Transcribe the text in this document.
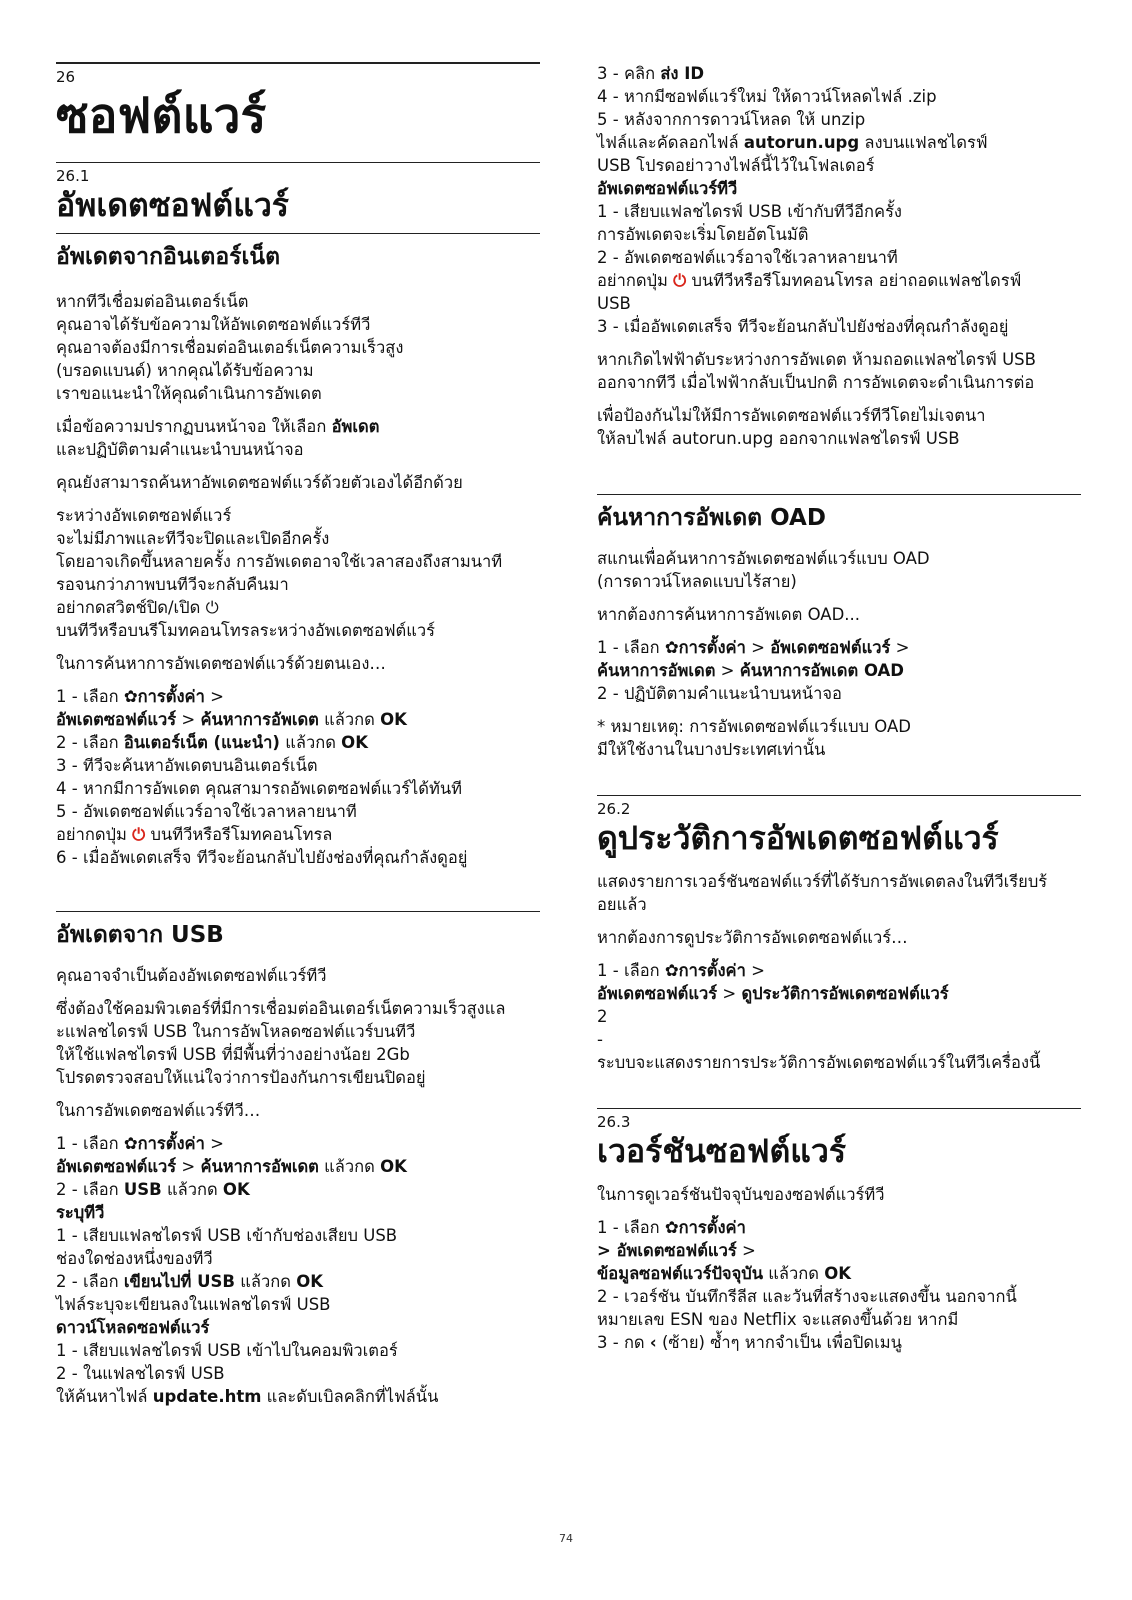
26
ซอฟต์แวร์
26.1
อัพเดตซอฟต์แวร์
อัพเดตจากอินเตอร์เน็ต

หากทีวีเชื่อมต่ออินเตอร์เน็ต

คุณอาจได้รับข้อความให้อัพเดตซอฟต์แวร์ทีวี

คุณอาจต้องมีการเชื่อมต่ออินเตอร์เน็ตความเร็วสูง

(บรอดแบนด์) หากคุณได้รับข้อความ

เราขอแนะนำให้คุณดำเนินการอัพเดต

เมื่อข้อความปรากฏบนหน้าจอ ให้เลือก อัพเดต

และปฏิบัติตามคำแนะนำบนหน้าจอ

คุณยังสามารถค้นหาอัพเดตซอฟต์แวร์ด้วยตัวเองได้อีกด้วย

ระหว่างอัพเดตซอฟต์แวร์

จะไม่มีภาพและทีวีจะปิดและเปิดอีกครั้ง

โดยอาจเกิดขึ้นหลายครั้ง การอัพเดตอาจใช้เวลาสองถึงสามนาที

รอจนกว่าภาพบนทีวีจะกลับคืนมา

อย่ากดสวิตช์ปิด/เปิด ⏻

บนทีวีหรือบนรีโมทคอนโทรลระหว่างอัพเดตซอฟต์แวร์

ในการค้นหาการอัพเดตซอฟต์แวร์ด้วยตนเอง…

1 - เลือก ✿การตั้งค่า >

อัพเดตซอฟต์แวร์ > ค้นหาการอัพเดต แล้วกด OK

2 - เลือก อินเตอร์เน็ต (แนะนำ) แล้วกด OK

3 - ทีวีจะค้นหาอัพเดตบนอินเตอร์เน็ต

4 - หากมีการอัพเดต คุณสามารถอัพเดตซอฟต์แวร์ได้ทันที

5 - อัพเดตซอฟต์แวร์อาจใช้เวลาหลายนาที

อย่ากดปุ่ม ⏻ บนทีวีหรือรีโมทคอนโทรล

6 - เมื่ออัพเดตเสร็จ ทีวีจะย้อนกลับไปยังช่องที่คุณกำลังดูอยู่

อัพเดตจาก USB

คุณอาจจำเป็นต้องอัพเดตซอฟต์แวร์ทีวี

ซึ่งต้องใช้คอมพิวเตอร์ที่มีการเชื่อมต่ออินเตอร์เน็ตความเร็วสูงแล

ะแฟลชไดรฟ์ USB ในการอัพโหลดซอฟต์แวร์บนทีวี

ให้ใช้แฟลชไดรฟ์ USB ที่มีพื้นที่ว่างอย่างน้อย 2Gb

โปรดตรวจสอบให้แน่ใจว่าการป้องกันการเขียนปิดอยู่

ในการอัพเดตซอฟต์แวร์ทีวี…

1 - เลือก ✿การตั้งค่า >

อัพเดตซอฟต์แวร์ > ค้นหาการอัพเดต แล้วกด OK

2 - เลือก USB แล้วกด OK

ระบุทีวี

1 - เสียบแฟลชไดรฟ์ USB เข้ากับช่องเสียบ USB

ช่องใดช่องหนึ่งของทีวี

2 - เลือก เขียนไปที่ USB แล้วกด OK

ไฟล์ระบุจะเขียนลงในแฟลชไดรฟ์ USB

ดาวน์โหลดซอฟต์แวร์

1 - เสียบแฟลชไดรฟ์ USB เข้าไปในคอมพิวเตอร์

2 - ในแฟลชไดรฟ์ USB

ให้ค้นหาไฟล์ update.htm และดับเบิลคลิกที่ไฟล์นั้น

3 - คลิก ส่ง ID

4 - หากมีซอฟต์แวร์ใหม่ ให้ดาวน์โหลดไฟล์ .zip

5 - หลังจากการดาวน์โหลด ให้ unzip

ไฟล์และคัดลอกไฟล์ autorun.upg ลงบนแฟลชไดรฟ์

USB โปรดอย่าวางไฟล์นี้ไว้ในโฟลเดอร์

อัพเดตซอฟต์แวร์ทีวี

1 - เสียบแฟลชไดรฟ์ USB เข้ากับทีวีอีกครั้ง

การอัพเดตจะเริ่มโดยอัตโนมัติ

2 - อัพเดตซอฟต์แวร์อาจใช้เวลาหลายนาที

อย่ากดปุ่ม ⏻ บนทีวีหรือรีโมทคอนโทรล อย่าถอดแฟลชไดรฟ์

USB

3 - เมื่ออัพเดตเสร็จ ทีวีจะย้อนกลับไปยังช่องที่คุณกำลังดูอยู่

หากเกิดไฟฟ้าดับระหว่างการอัพเดต ห้ามถอดแฟลชไดรฟ์ USB

ออกจากทีวี เมื่อไฟฟ้ากลับเป็นปกติ การอัพเดตจะดำเนินการต่อ

เพื่อป้องกันไม่ให้มีการอัพเดตซอฟต์แวร์ทีวีโดยไม่เจตนา

ให้ลบไฟล์ autorun.upg ออกจากแฟลชไดรฟ์ USB

ค้นหาการอัพเดต OAD

สแกนเพื่อค้นหาการอัพเดตซอฟต์แวร์แบบ OAD

(การดาวน์โหลดแบบไร้สาย)

หากต้องการค้นหาการอัพเดต OAD...

1 - เลือก ✿การตั้งค่า > อัพเดตซอฟต์แวร์ >

ค้นหาการอัพเดต > ค้นหาการอัพเดต OAD

2 - ปฏิบัติตามคำแนะนำบนหน้าจอ

* หมายเหตุ: การอัพเดตซอฟต์แวร์แบบ OAD

มีให้ใช้งานในบางประเทศเท่านั้น

26.2
ดูประวัติการอัพเดตซอฟต์แวร์

แสดงรายการเวอร์ชันซอฟต์แวร์ที่ได้รับการอัพเดตลงในทีวีเรียบร้

อยแล้ว

หากต้องการดูประวัติการอัพเดตซอฟต์แวร์…

1 - เลือก ✿การตั้งค่า >

อัพเดตซอฟต์แวร์ > ดูประวัติการอัพเดตซอฟต์แวร์

2

-

ระบบจะแสดงรายการประวัติการอัพเดตซอฟต์แวร์ในทีวีเครื่องนี้

26.3
เวอร์ชันซอฟต์แวร์

ในการดูเวอร์ชันปัจจุบันของซอฟต์แวร์ทีวี

1 - เลือก ✿การตั้งค่า

> อัพเดตซอฟต์แวร์ >

ข้อมูลซอฟต์แวร์ปัจจุบัน แล้วกด OK

2 - เวอร์ชัน บันทึกรีลีส และวันที่สร้างจะแสดงขึ้น นอกจากนี้

หมายเลข ESN ของ Netflix จะแสดงขึ้นด้วย หากมี

3 - กด ‹ (ซ้าย) ซ้ำๆ หากจำเป็น เพื่อปิดเมนู

74
